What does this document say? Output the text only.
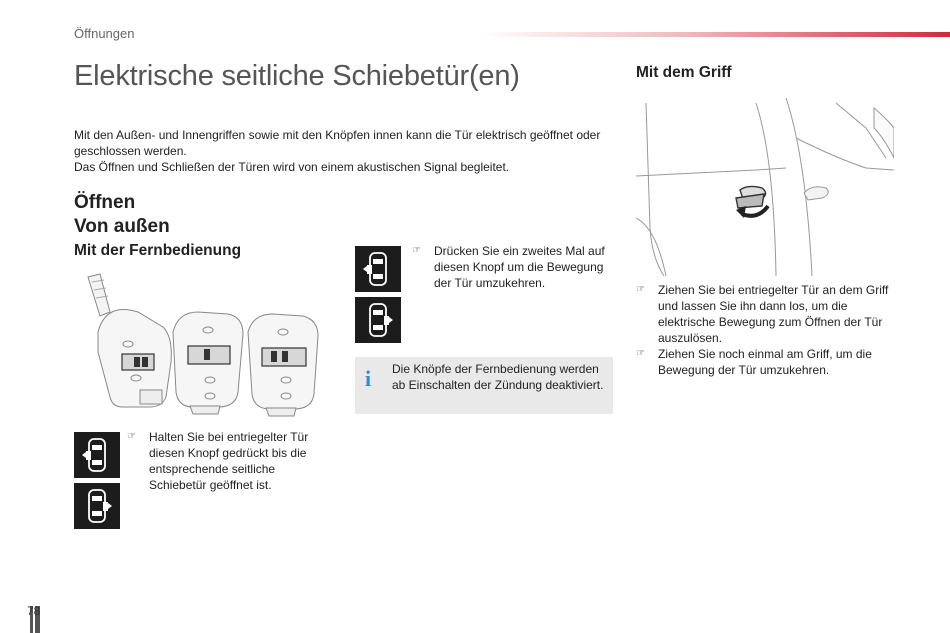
Öffnungen
Elektrische seitliche Schiebetür(en)

Mit den Außen- und Innengriffen sowie mit den Knöpfen innen kann die Tür elektrisch geöffnet oder geschlossen werden.

Das Öffnen und Schließen der Türen wird von einem akustischen Signal begleitet.

Öffnen
Von außen
Mit der Fernbedienung
Mit dem Griff
☞	Halten Sie bei entriegelter Tür diesen Knopf gedrückt bis die entsprechende seitliche Schiebetür geöffnet ist.
☞	Drücken Sie ein zweites Mal auf diesen Knopf um die Bewegung der Tür umzukehren.
i Die Knöpfe der Fernbedienung werden ab Einschalten der Zündung deaktiviert.
☞	Ziehen Sie bei entriegelter Tür an dem Griff und lassen Sie ihn dann los, um die elektrische Bewegung zum Öffnen der Tür auszulösen.
☞	Ziehen Sie noch einmal am Griff, um die Bewegung der Tür umzukehren.
78
